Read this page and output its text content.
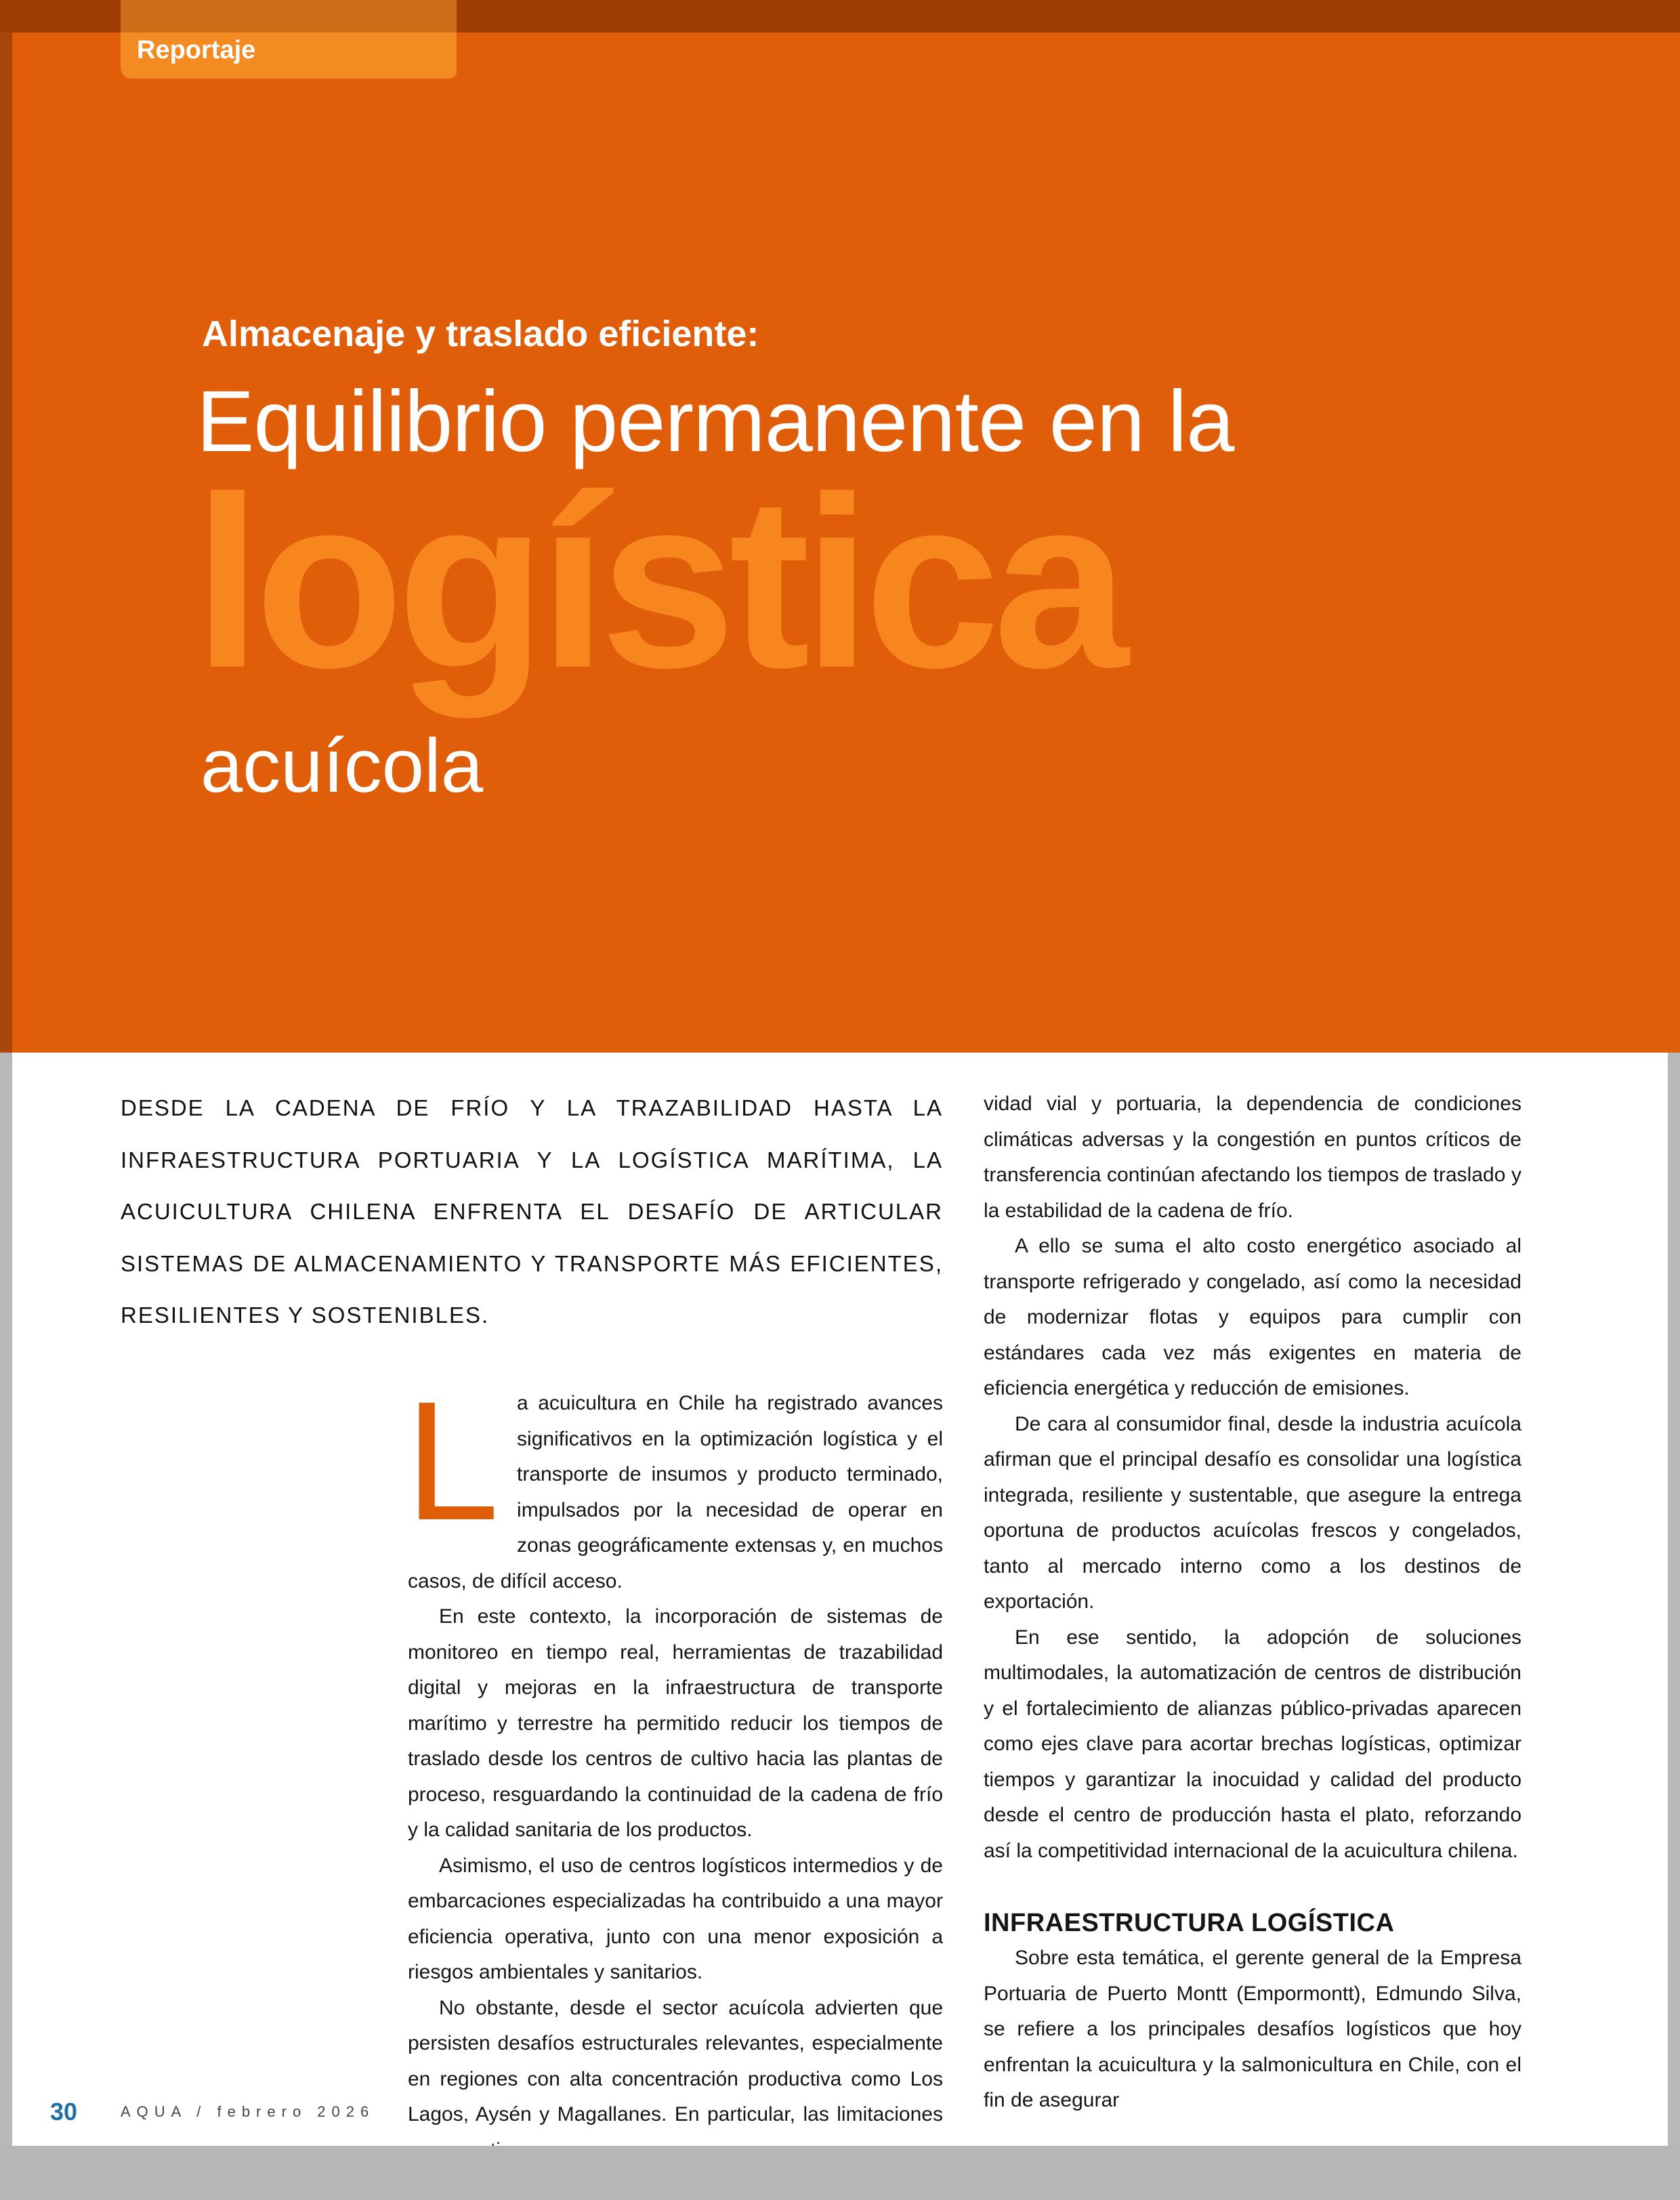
Reportaje
Almacenaje y traslado eficiente:
Equilibrio permanente en la
logística
acuícola
DESDE LA CADENA DE FRÍO Y LA TRAZABILIDAD HASTA LA INFRAESTRUCTURA PORTUARIA Y LA LOGÍSTICA MARÍTIMA, LA ACUICULTURA CHILENA ENFRENTA EL DESAFÍO DE ARTICULAR SISTEMAS DE ALMACENAMIENTO Y TRANSPORTE MÁS EFICIENTES, RESILIENTES Y SOSTENIBLES.

La acuicultura en Chile ha registrado avances significativos en la optimización logística y el transporte de insumos y producto terminado, impulsados por la necesidad de operar en zonas geográficamente extensas y, en muchos casos, de difícil acceso.

En este contexto, la incorporación de sistemas de monitoreo en tiempo real, herramientas de trazabilidad digital y mejoras en la infraestructura de transporte marítimo y terrestre ha permitido reducir los tiempos de traslado desde los centros de cultivo hacia las plantas de proceso, resguardando la continuidad de la cadena de frío y la calidad sanitaria de los productos.

Asimismo, el uso de centros logísticos intermedios y de embarcaciones especializadas ha contribuido a una mayor eficiencia operativa, junto con una menor exposición a riesgos ambientales y sanitarios.

No obstante, desde el sector acuícola advierten que persisten desafíos estructurales relevantes, especialmente en regiones con alta concentración productiva como Los Lagos, Aysén y Magallanes. En particular, las limitaciones

vidad vial y portuaria, la dependencia de condiciones climáticas adversas y la congestión en puntos críticos de transferencia continúan afectando los tiempos de traslado y la estabilidad de la cadena de frío.

A ello se suma el alto costo energético asociado al transporte refrigerado y congelado, así como la necesidad de modernizar flotas y equipos para cumplir con estándares cada vez más exigentes en materia de eficiencia energética y reducción de emisiones.

De cara al consumidor final, desde la industria acuícola afirman que el principal desafío es consolidar una logística integrada, resiliente y sustentable, que asegure la entrega oportuna de productos acuícolas frescos y congelados, tanto al mercado interno como a los destinos de exportación.

En ese sentido, la adopción de soluciones multimodales, la automatización de centros de distribución y el fortalecimiento de alianzas público-privadas aparecen como ejes clave para acortar brechas logísticas, optimizar tiempos y garantizar la inocuidad y calidad del producto desde el centro de producción hasta el plato, reforzando así la competitividad internacional de la acuicultura chilena.

INFRAESTRUCTURA LOGÍSTICA

Sobre esta temática, el gerente general de la Empresa Portuaria de Puerto Montt (Empormontt), Edmundo Silva, se refiere a los principales desafíos logísticos que hoy enfrentan la acuicultura y la salmonicultura en Chile, con el fin de asegurar

30	AQUA / febrero 2026
